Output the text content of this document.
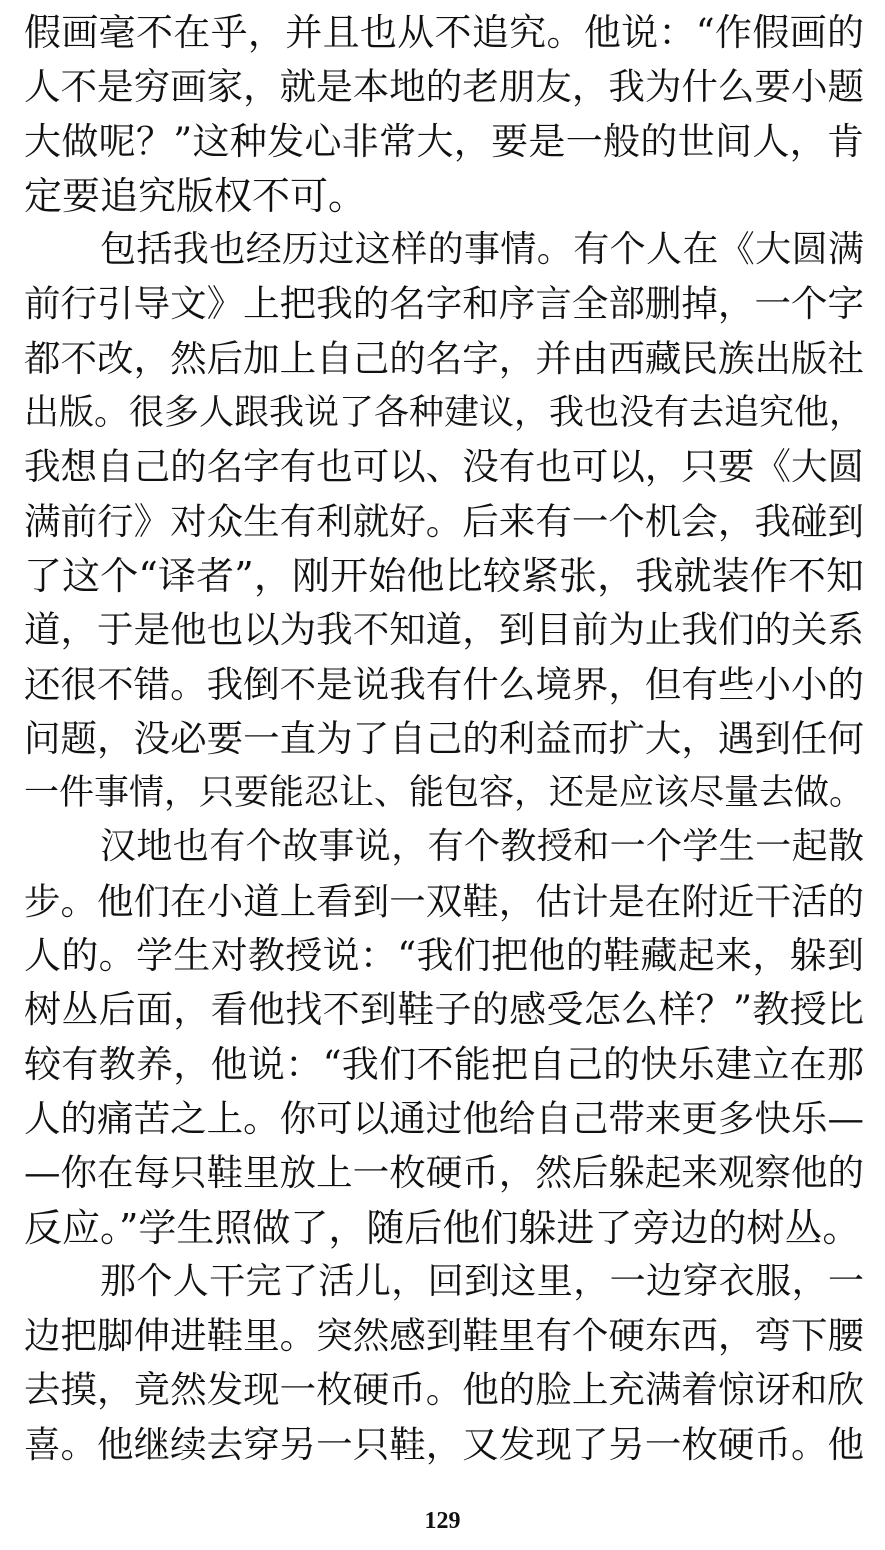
假画毫不在乎，并且也从不追究。他说：“作假画的
人不是穷画家，就是本地的老朋友，我为什么要小题
大做呢？”这种发心非常大，要是一般的世间人，肯
定要追究版权不可。
包括我也经历过这样的事情。有个人在《大圆满
前行引导文》上把我的名字和序言全部删掉，一个字
都不改，然后加上自己的名字，并由西藏民族出版社
出版。很多人跟我说了各种建议，我也没有去追究他，
我想自己的名字有也可以、没有也可以，只要《大圆
满前行》对众生有利就好。后来有一个机会，我碰到
了这个“译者”，刚开始他比较紧张，我就装作不知
道，于是他也以为我不知道，到目前为止我们的关系
还很不错。我倒不是说我有什么境界，但有些小小的
问题，没必要一直为了自己的利益而扩大，遇到任何
一件事情，只要能忍让、能包容，还是应该尽量去做。
汉地也有个故事说，有个教授和一个学生一起散
步。他们在小道上看到一双鞋，估计是在附近干活的
人的。学生对教授说：“我们把他的鞋藏起来，躲到
树丛后面，看他找不到鞋子的感受怎么样？”教授比
较有教养，他说：“我们不能把自己的快乐建立在那
人的痛苦之上。你可以通过他给自己带来更多快乐—
—你在每只鞋里放上一枚硬币，然后躲起来观察他的
反应。”学生照做了，随后他们躲进了旁边的树丛。
那个人干完了活儿，回到这里，一边穿衣服，一
边把脚伸进鞋里。突然感到鞋里有个硬东西，弯下腰
去摸，竟然发现一枚硬币。他的脸上充满着惊讶和欣
喜。他继续去穿另一只鞋，又发现了另一枚硬币。他
129
